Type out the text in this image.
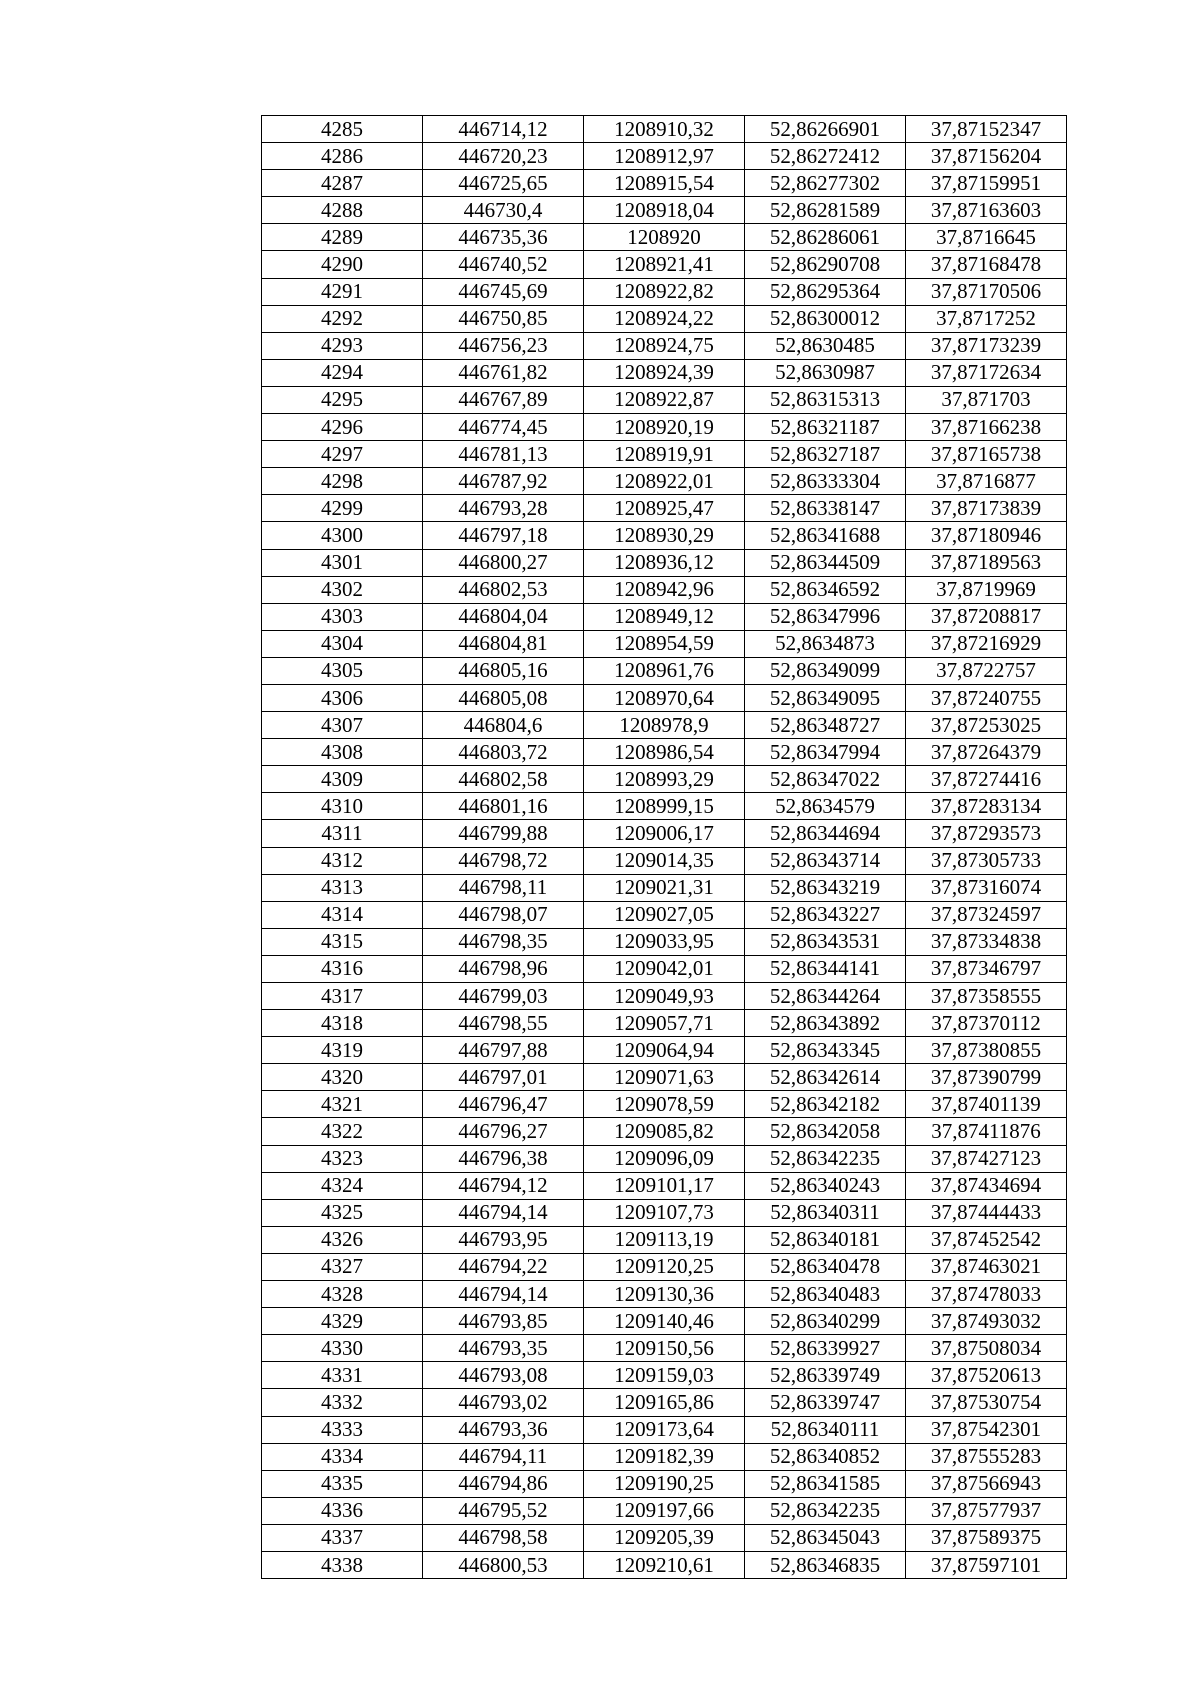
4285	446714,12	1208910,32	52,86266901	37,87152347
4286	446720,23	1208912,97	52,86272412	37,87156204
4287	446725,65	1208915,54	52,86277302	37,87159951
4288	446730,4	1208918,04	52,86281589	37,87163603
4289	446735,36	1208920	52,86286061	37,8716645
4290	446740,52	1208921,41	52,86290708	37,87168478
4291	446745,69	1208922,82	52,86295364	37,87170506
4292	446750,85	1208924,22	52,86300012	37,8717252
4293	446756,23	1208924,75	52,8630485	37,87173239
4294	446761,82	1208924,39	52,8630987	37,87172634
4295	446767,89	1208922,87	52,86315313	37,871703
4296	446774,45	1208920,19	52,86321187	37,87166238
4297	446781,13	1208919,91	52,86327187	37,87165738
4298	446787,92	1208922,01	52,86333304	37,8716877
4299	446793,28	1208925,47	52,86338147	37,87173839
4300	446797,18	1208930,29	52,86341688	37,87180946
4301	446800,27	1208936,12	52,86344509	37,87189563
4302	446802,53	1208942,96	52,86346592	37,8719969
4303	446804,04	1208949,12	52,86347996	37,87208817
4304	446804,81	1208954,59	52,8634873	37,87216929
4305	446805,16	1208961,76	52,86349099	37,8722757
4306	446805,08	1208970,64	52,86349095	37,87240755
4307	446804,6	1208978,9	52,86348727	37,87253025
4308	446803,72	1208986,54	52,86347994	37,87264379
4309	446802,58	1208993,29	52,86347022	37,87274416
4310	446801,16	1208999,15	52,8634579	37,87283134
4311	446799,88	1209006,17	52,86344694	37,87293573
4312	446798,72	1209014,35	52,86343714	37,87305733
4313	446798,11	1209021,31	52,86343219	37,87316074
4314	446798,07	1209027,05	52,86343227	37,87324597
4315	446798,35	1209033,95	52,86343531	37,87334838
4316	446798,96	1209042,01	52,86344141	37,87346797
4317	446799,03	1209049,93	52,86344264	37,87358555
4318	446798,55	1209057,71	52,86343892	37,87370112
4319	446797,88	1209064,94	52,86343345	37,87380855
4320	446797,01	1209071,63	52,86342614	37,87390799
4321	446796,47	1209078,59	52,86342182	37,87401139
4322	446796,27	1209085,82	52,86342058	37,87411876
4323	446796,38	1209096,09	52,86342235	37,87427123
4324	446794,12	1209101,17	52,86340243	37,87434694
4325	446794,14	1209107,73	52,86340311	37,87444433
4326	446793,95	1209113,19	52,86340181	37,87452542
4327	446794,22	1209120,25	52,86340478	37,87463021
4328	446794,14	1209130,36	52,86340483	37,87478033
4329	446793,85	1209140,46	52,86340299	37,87493032
4330	446793,35	1209150,56	52,86339927	37,87508034
4331	446793,08	1209159,03	52,86339749	37,87520613
4332	446793,02	1209165,86	52,86339747	37,87530754
4333	446793,36	1209173,64	52,86340111	37,87542301
4334	446794,11	1209182,39	52,86340852	37,87555283
4335	446794,86	1209190,25	52,86341585	37,87566943
4336	446795,52	1209197,66	52,86342235	37,87577937
4337	446798,58	1209205,39	52,86345043	37,87589375
4338	446800,53	1209210,61	52,86346835	37,87597101
